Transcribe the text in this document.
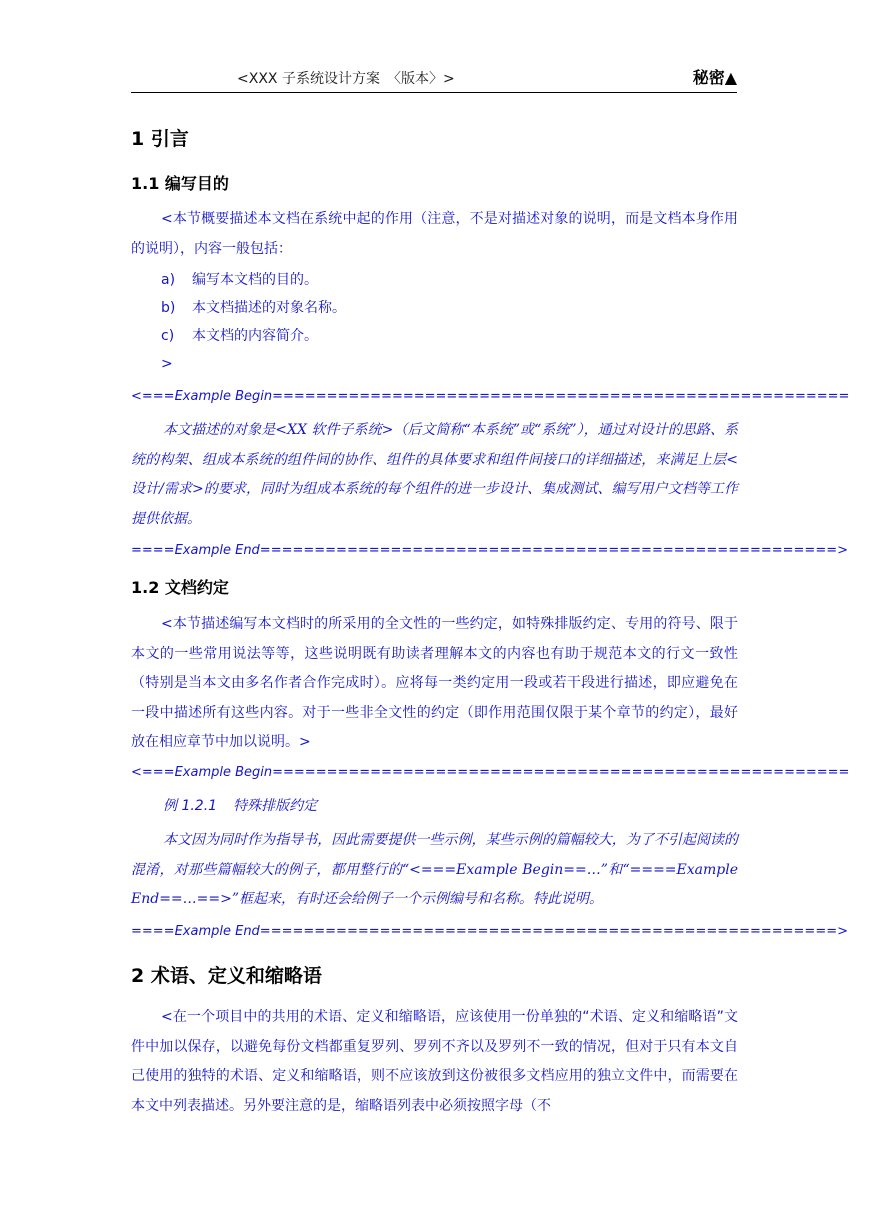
<XXX 子系统设计方案　〈版本〉>	秘密▲
1 引言
1.1 编写目的
<本节概要描述本文档在系统中起的作用（注意，不是对描述对象的说明，而是文档本身作用的说明），内容一般包括：
a) 编写本文档的目的。
b) 本文档描述的对象名称。
c) 本文档的内容简介。
>
<===Example Begin=====================================================
本文描述的对象是<XX 软件子系统>（后文简称“本系统”或“系统”），通过对设计的思路、系统的构架、组成本系统的组件间的协作、组件的具体要求和组件间接口的详细描述，来满足上层<设计/需求>的要求，同时为组成本系统的每个组件的进一步设计、集成测试、编写用户文档等工作提供依据。
====Example End=====================================================>
1.2 文档约定
<本节描述编写本文档时的所采用的全文性的一些约定，如特殊排版约定、专用的符号、限于本文的一些常用说法等等，这些说明既有助读者理解本文的内容也有助于规范本文的行文一致性（特别是当本文由多名作者合作完成时）。应将每一类约定用一段或若干段进行描述，即应避免在一段中描述所有这些内容。对于一些非全文性的约定（即作用范围仅限于某个章节的约定），最好放在相应章节中加以说明。>
<===Example Begin=====================================================
例 1.2.1 特殊排版约定
本文因为同时作为指导书，因此需要提供一些示例，某些示例的篇幅较大，为了不引起阅读的混淆，对那些篇幅较大的例子，都用整行的“<===Example Begin==…”和“====Example End==…==>”框起来，有时还会给例子一个示例编号和名称。特此说明。
====Example End=====================================================>
2 术语、定义和缩略语
<在一个项目中的共用的术语、定义和缩略语，应该使用一份单独的“术语、定义和缩略语”文件中加以保存，以避免每份文档都重复罗列、罗列不齐以及罗列不一致的情况，但对于只有本文自己使用的独特的术语、定义和缩略语，则不应该放到这份被很多文档应用的独立文件中，而需要在本文中列表描述。另外要注意的是，缩略语列表中必须按照字母（不
